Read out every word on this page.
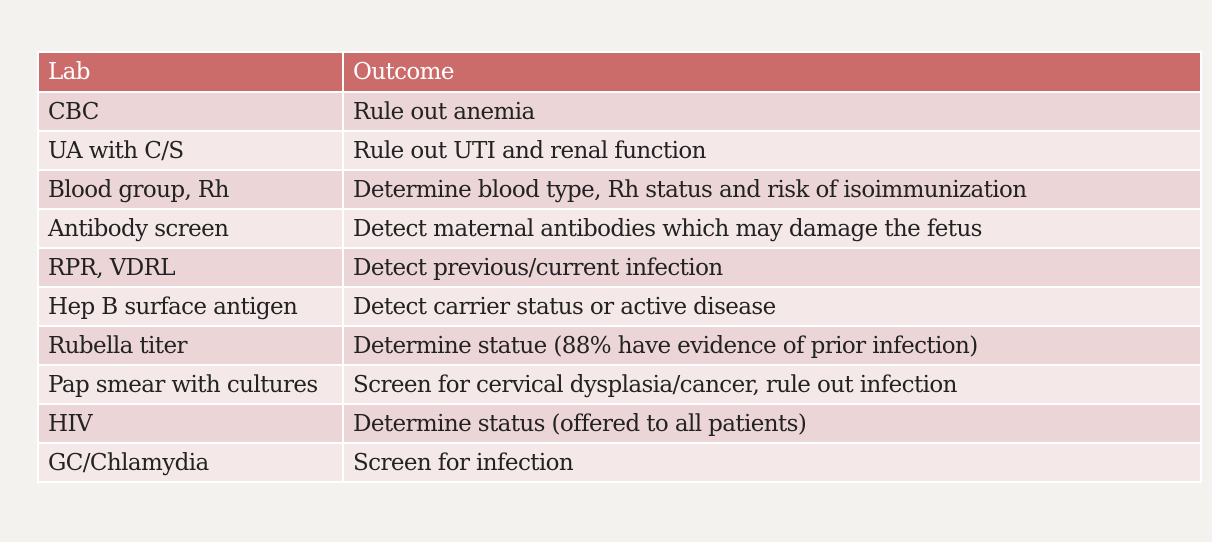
Lab	Outcome
CBC	Rule out anemia
UA with C/S	Rule out UTI and renal function
Blood group, Rh	Determine blood type, Rh status and risk of isoimmunization
Antibody screen	Detect maternal antibodies which may damage the fetus
RPR, VDRL	Detect previous/current infection
Hep B surface antigen	Detect carrier status or active disease
Rubella titer	Determine statue (88% have evidence of prior infection)
Pap smear with cultures	Screen for cervical dysplasia/cancer, rule out infection
HIV	Determine status (offered to all patients)
GC/Chlamydia	Screen for infection
